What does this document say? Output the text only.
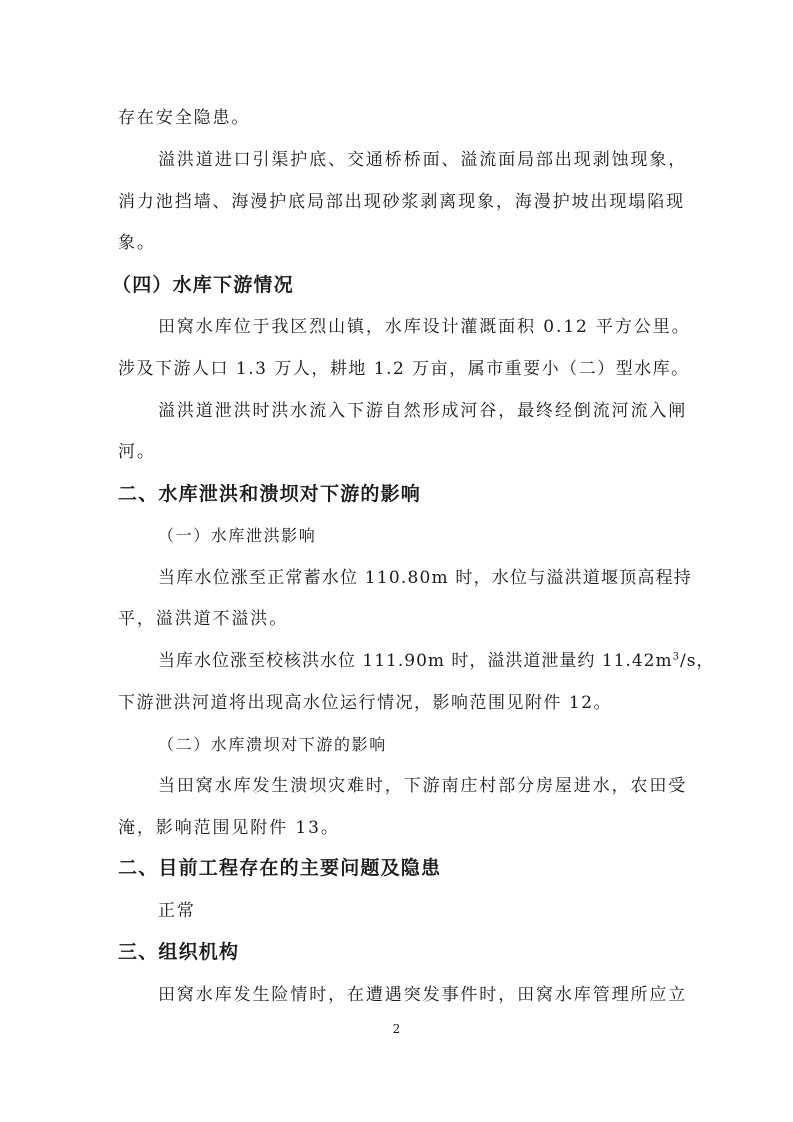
存在安全隐患。
溢洪道进口引渠护底、交通桥桥面、溢流面局部出现剥蚀现象，
消力池挡墙、海漫护底局部出现砂浆剥离现象，海漫护坡出现塌陷现
象。
（四）水库下游情况
田窝水库位于我区烈山镇，水库设计灌溉面积 0.12 平方公里。
涉及下游人口 1.3 万人，耕地 1.2 万亩，属市重要小（二）型水库。
溢洪道泄洪时洪水流入下游自然形成河谷，最终经倒流河流入闸
河。
二、水库泄洪和溃坝对下游的影响
（一）水库泄洪影响
当库水位涨至正常蓄水位 110.80m 时，水位与溢洪道堰顶高程持
平，溢洪道不溢洪。
当库水位涨至校核洪水位 111.90m 时，溢洪道泄量约 $11.42m^3/s$，
下游泄洪河道将出现高水位运行情况，影响范围见附件 12。
（二）水库溃坝对下游的影响
当田窝水库发生溃坝灾难时，下游南庄村部分房屋进水，农田受
淹，影响范围见附件 13。
二、目前工程存在的主要问题及隐患
正常
三、组织机构
田窝水库发生险情时，在遭遇突发事件时，田窝水库管理所应立
2
